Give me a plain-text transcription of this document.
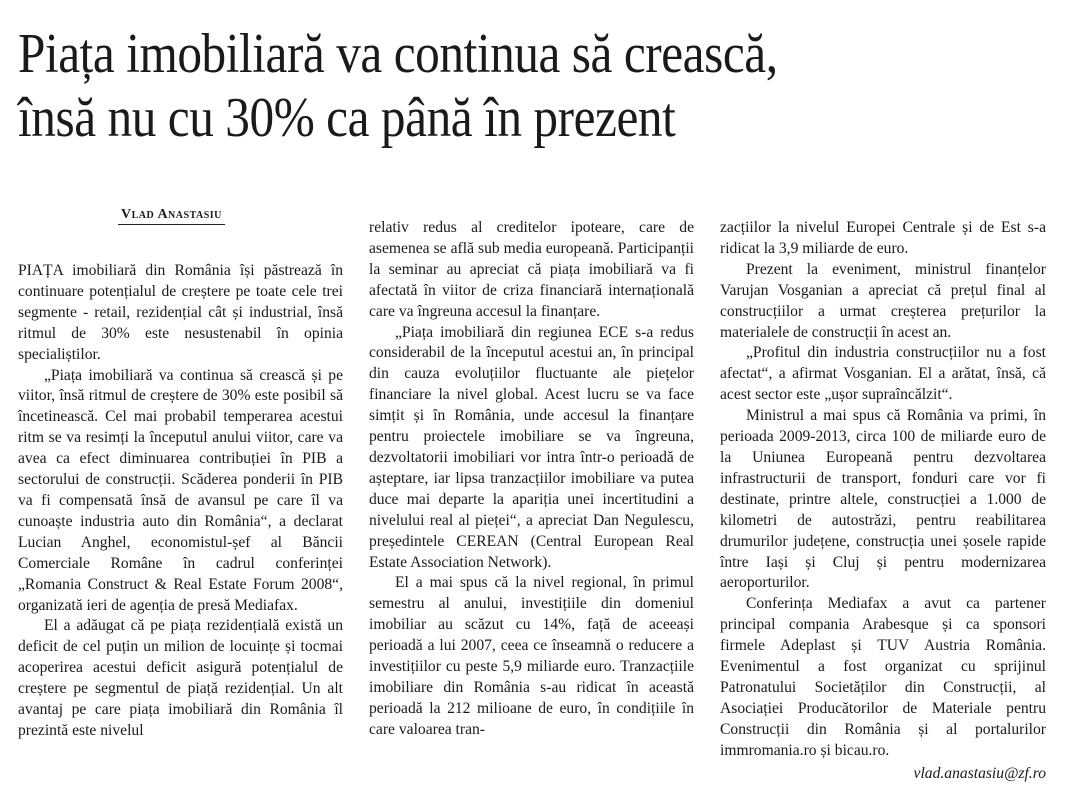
Piața imobiliară va continua să crească,
însă nu cu 30% ca până în prezent
Vlad Anastasiu

PIAȚA imobiliară din România își păstrează în continuare potențialul de creștere pe toate cele trei segmente - retail, rezidențial cât și industrial, însă ritmul de 30% este nesustenabil în opinia specialiștilor.

„Piața imobiliară va continua să crească și pe viitor, însă ritmul de creștere de 30% este posibil să încetinească. Cel mai probabil temperarea acestui ritm se va resimți la începutul anului viitor, care va avea ca efect diminuarea contribuției în PIB a sectorului de construcții. Scăderea ponderii în PIB va fi compensată însă de avansul pe care îl va cunoaște industria auto din România“, a declarat Lucian Anghel, economistul-șef al Băncii Comerciale Române în cadrul conferinței „Romania Construct & Real Estate Forum 2008“, organizată ieri de agenția de presă Mediafax.

El a adăugat că pe piața rezidențială există un deficit de cel puțin un milion de locuințe și tocmai acoperirea acestui deficit asigură potențialul de creștere pe segmentul de piață rezidențial. Un alt avantaj pe care piața imobiliară din România îl prezintă este nivelul

relativ redus al creditelor ipoteare, care de asemenea se află sub media europeană. Participanții la seminar au apreciat că piața imobiliară va fi afectată în viitor de criza financiară internațională care va îngreuna accesul la finanțare.

„Piața imobiliară din regiunea ECE s-a redus considerabil de la începutul acestui an, în principal din cauza evoluțiilor fluctuante ale piețelor financiare la nivel global. Acest lucru se va face simțit și în România, unde accesul la finanțare pentru proiectele imobiliare se va îngreuna, dezvoltatorii imobiliari vor intra într-o perioadă de așteptare, iar lipsa tranzacțiilor imobiliare va putea duce mai departe la apariția unei incertitudini a nivelului real al pieței“, a apreciat Dan Negulescu, președintele CEREAN (Central European Real Estate Association Network).

El a mai spus că la nivel regional, în primul semestru al anului, investițiile din domeniul imobiliar au scăzut cu 14%, față de aceeași perioadă a lui 2007, ceea ce înseamnă o reducere a investițiilor cu peste 5,9 miliarde euro. Tranzacțiile imobiliare din România s-au ridicat în această perioadă la 212 milioane de euro, în condițiile în care valoarea tran-

zacțiilor la nivelul Europei Centrale și de Est s-a ridicat la 3,9 miliarde de euro.

Prezent la eveniment, ministrul finanțelor Varujan Vosganian a apreciat că prețul final al construcțiilor a urmat creșterea prețurilor la materialele de construcții în acest an.

„Profitul din industria construcțiilor nu a fost afectat“, a afirmat Vosganian. El a arătat, însă, că acest sector este „ușor supraîncălzit“.

Ministrul a mai spus că România va primi, în perioada 2009-2013, circa 100 de miliarde euro de la Uniunea Europeană pentru dezvoltarea infrastructurii de transport, fonduri care vor fi destinate, printre altele, construcției a 1.000 de kilometri de autostrăzi, pentru reabilitarea drumurilor județene, construcția unei șosele rapide între Iași și Cluj și pentru modernizarea aeroporturilor.

Conferința Mediafax a avut ca partener principal compania Arabesque și ca sponsori firmele Adeplast și TUV Austria România. Evenimentul a fost organizat cu sprijinul Patronatului Societăților din Construcții, al Asociației Producătorilor de Materiale pentru Construcții din România și al portalurilor immromania.ro și bicau.ro.

vlad.anastasiu@zf.ro
